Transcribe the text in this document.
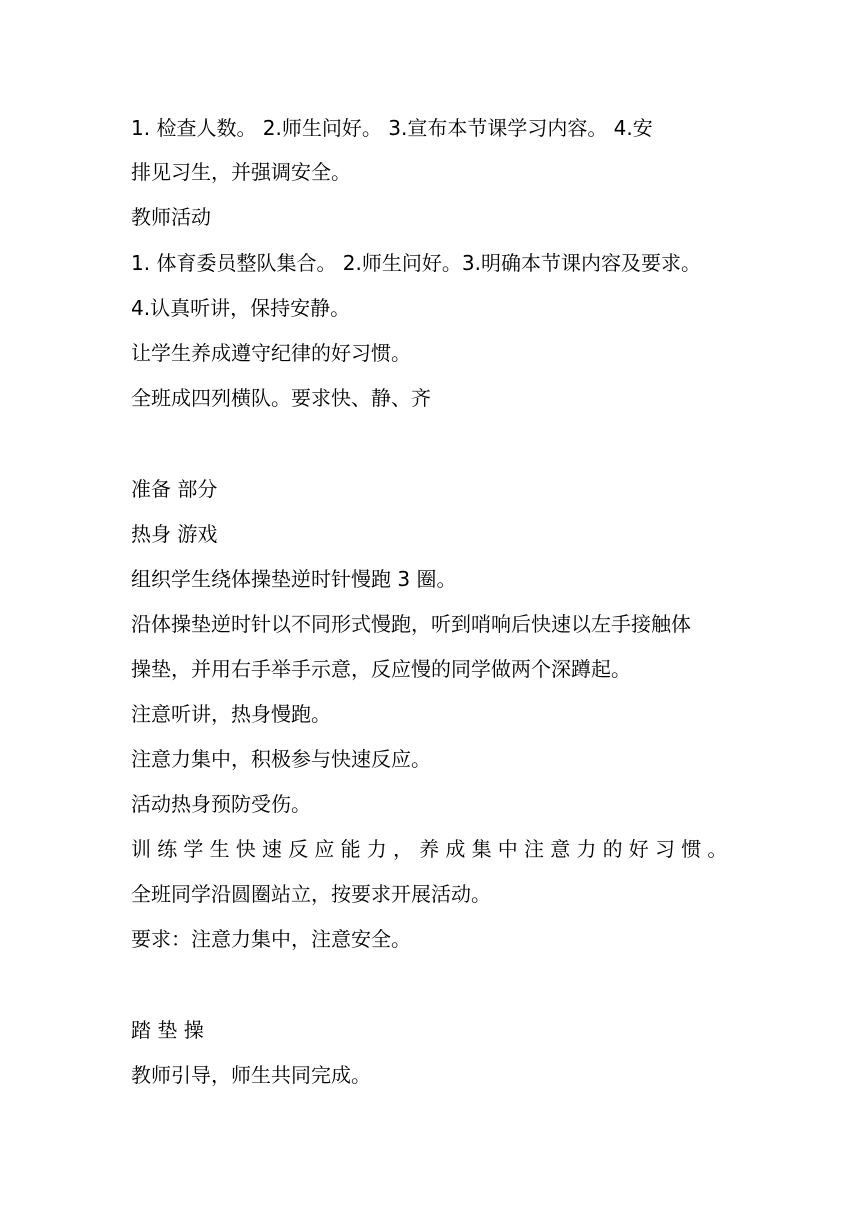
1. 检查人数。 2.师生问好。 3.宣布本节课学习内容。 4.安
排见习生，并强调安全。
教师活动
1. 体育委员整队集合。 2.师生问好。3.明确本节课内容及要求。
4.认真听讲，保持安静。
让学生养成遵守纪律的好习惯。
全班成四列横队。要求快、静、齐
准备 部分
热身 游戏
组织学生绕体操垫逆时针慢跑 3 圈。
沿体操垫逆时针以不同形式慢跑，听到哨响后快速以左手接触体
操垫，并用右手举手示意，反应慢的同学做两个深蹲起。
注意听讲，热身慢跑。
注意力集中，积极参与快速反应。
活动热身预防受伤。
训练学生快速反应能力，养成集中注意力的好习惯。
全班同学沿圆圈站立，按要求开展活动。
要求：注意力集中，注意安全。
踏 垫 操
教师引导，师生共同完成。
